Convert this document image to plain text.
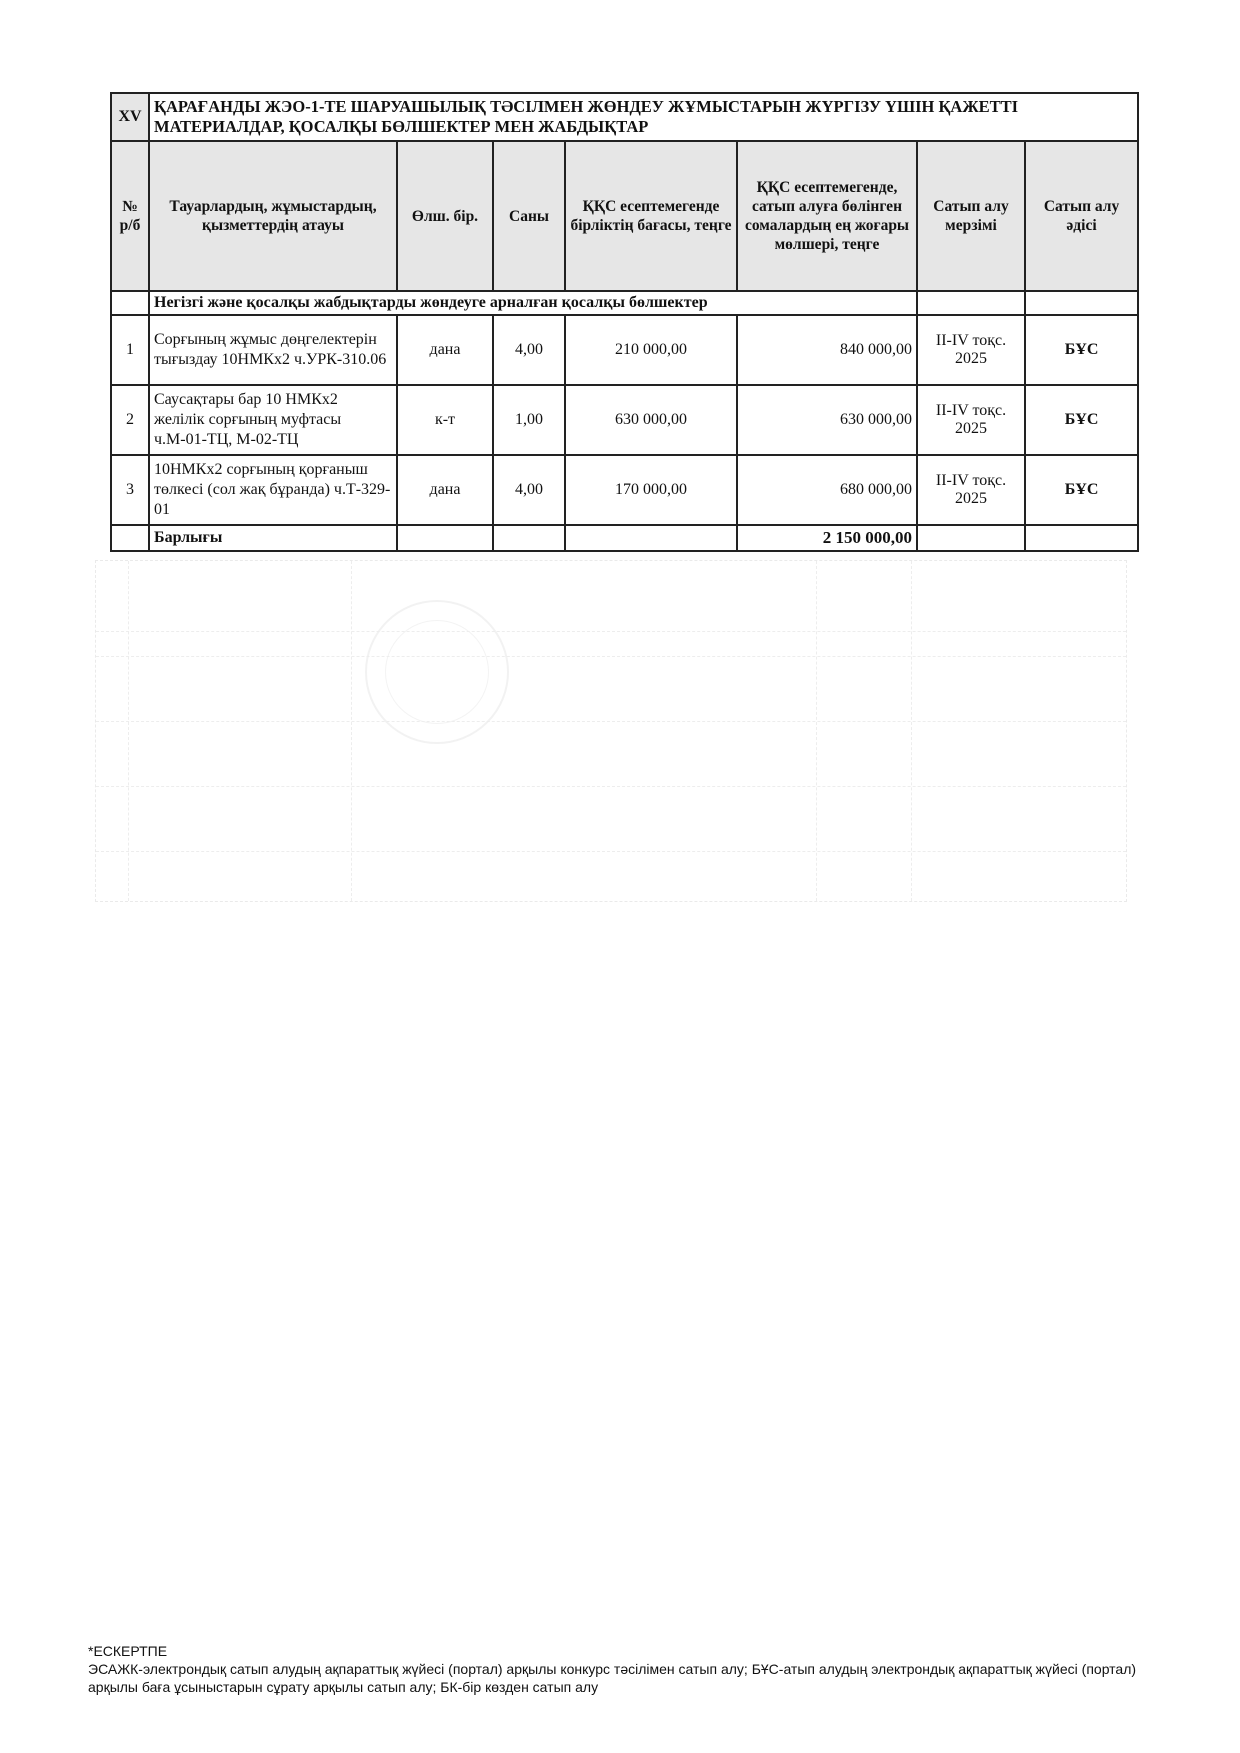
XV	ҚАРАҒАНДЫ ЖЭО-1-ТЕ ШАРУАШЫЛЫҚ ТӘСІЛМЕН ЖӨНДЕУ ЖҰМЫСТАРЫН ЖҮРГІЗУ ҮШІН ҚАЖЕТТІ МАТЕРИАЛДАР, ҚОСАЛҚЫ БӨЛШЕКТЕР МЕН ЖАБДЫҚТАР						
№ р/б	Тауарлардың, жұмыстардың, қызметтердің атауы	Өлш. бір.	Саны	ҚҚС есептемегенде бірліктің бағасы, теңге	ҚҚС есептемегенде, сатып алуға бөлінген сомалардың ең жоғары мөлшері, теңге	Сатып алу мерзімі	Сатып алу әдісі
	Негізгі және қосалқы жабдықтарды жөндеуге арналған қосалқы бөлшектер						
1	Сорғының жұмыс дөңгелектерін тығыздау 10НМКх2 ч.УРК-310.06	дана	4,00	210 000,00	840 000,00	II-IV тоқс. 2025	БҰС
2	Саусақтары бар 10 НМКх2 желілік сорғының муфтасы ч.М-01-ТЦ, М-02-ТЦ	к-т	1,00	630 000,00	630 000,00	II-IV тоқс. 2025	БҰС
3	10НМКх2 сорғының қорғаныш төлкесі (сол жақ бұранда) ч.Т-329-01	дана	4,00	170 000,00	680 000,00	II-IV тоқс. 2025	БҰС
	Барлығы				2 150 000,00		
*ЕСКЕРТПЕ
ЭСАЖК-электрондық сатып алудың ақпараттық жүйесі (портал) арқылы конкурс тәсілімен сатып алу; БҰС-атып алудың электрондық ақпараттық жүйесі (портал) арқылы баға ұсыныстарын сұрату арқылы сатып алу; БК-бір көзден сатып алу
